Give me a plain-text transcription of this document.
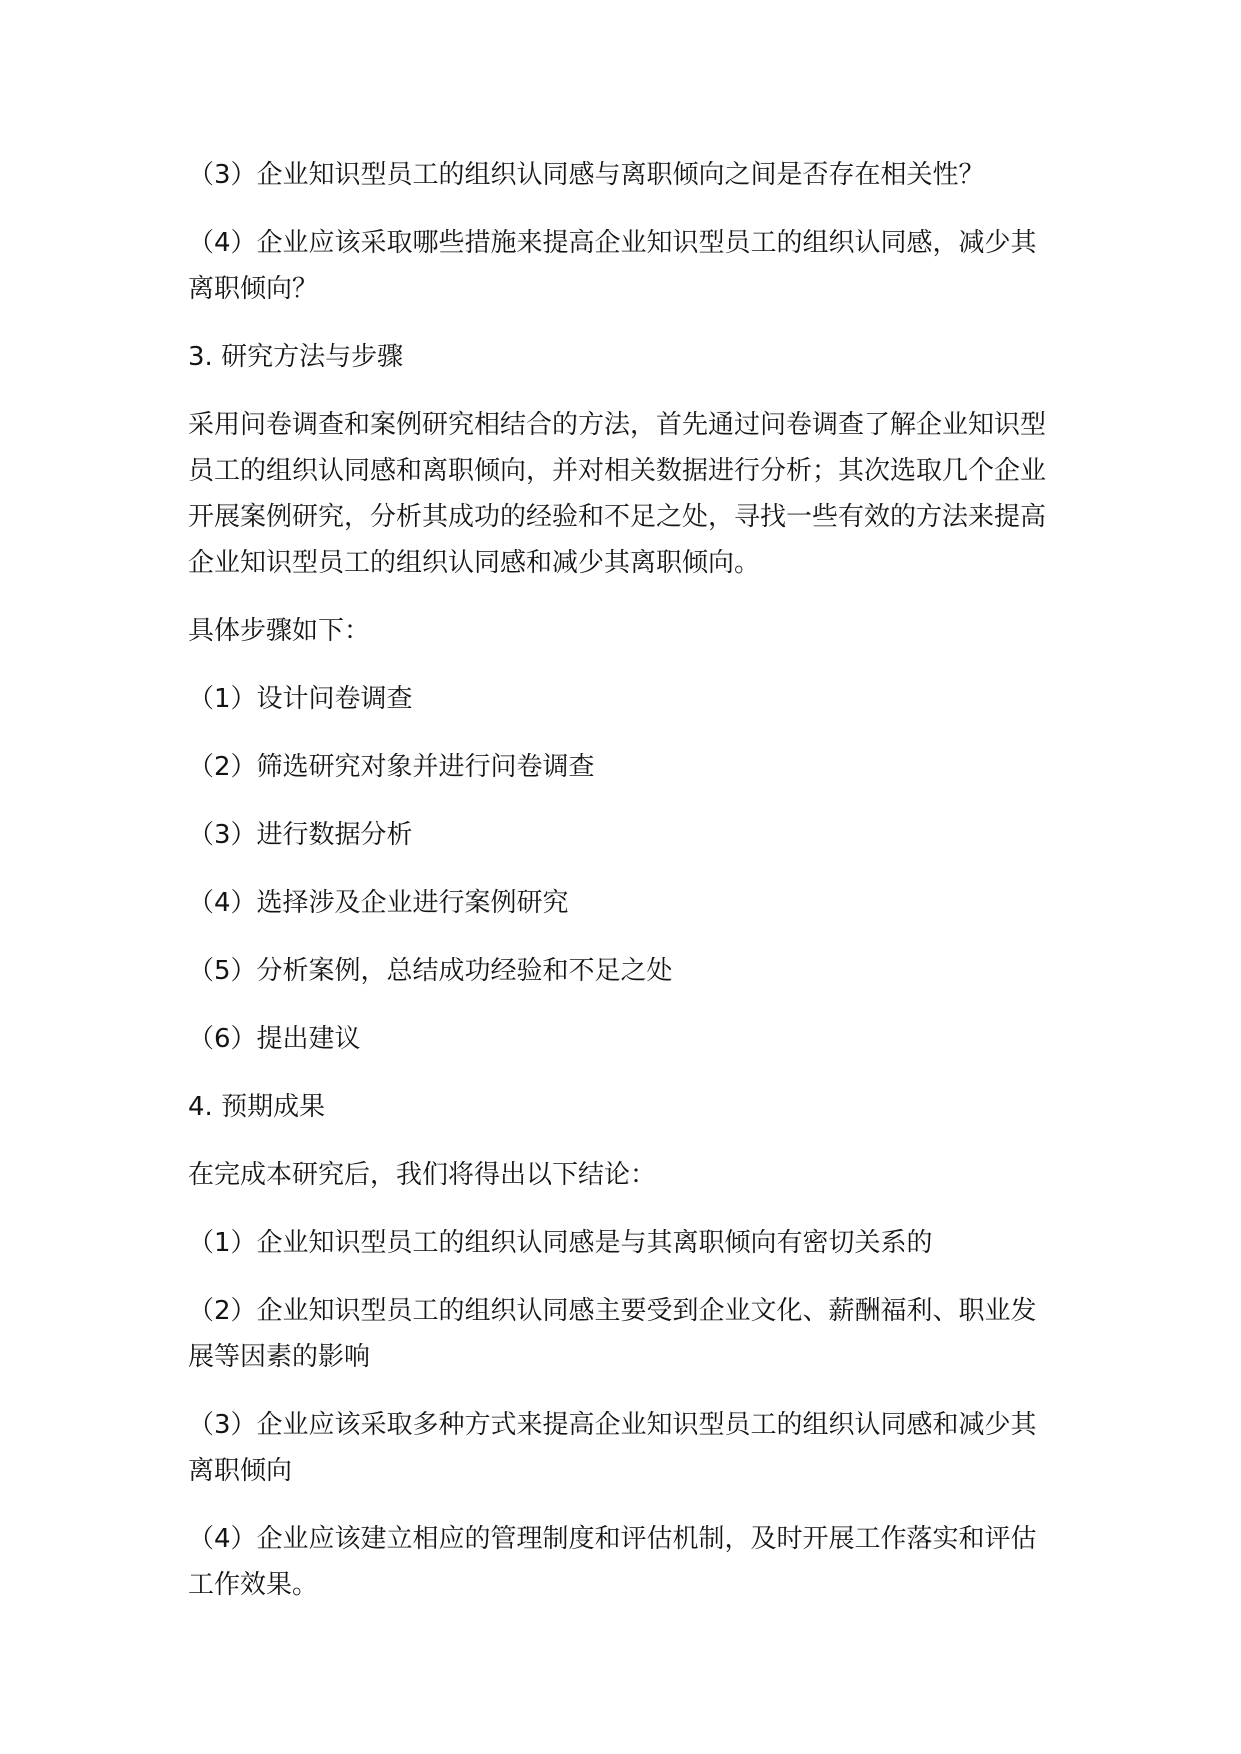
（3）企业知识型员工的组织认同感与离职倾向之间是否存在相关性？

（4）企业应该采取哪些措施来提高企业知识型员工的组织认同感，减少其离职倾向？

3. 研究方法与步骤

采用问卷调查和案例研究相结合的方法，首先通过问卷调查了解企业知识型员工的组织认同感和离职倾向，并对相关数据进行分析；其次选取几个企业开展案例研究，分析其成功的经验和不足之处，寻找一些有效的方法来提高企业知识型员工的组织认同感和减少其离职倾向。

具体步骤如下：

（1）设计问卷调查

（2）筛选研究对象并进行问卷调查

（3）进行数据分析

（4）选择涉及企业进行案例研究

（5）分析案例，总结成功经验和不足之处

（6）提出建议

4. 预期成果

在完成本研究后，我们将得出以下结论：

（1）企业知识型员工的组织认同感是与其离职倾向有密切关系的

（2）企业知识型员工的组织认同感主要受到企业文化、薪酬福利、职业发展等因素的影响

（3）企业应该采取多种方式来提高企业知识型员工的组织认同感和减少其离职倾向

（4）企业应该建立相应的管理制度和评估机制，及时开展工作落实和评估工作效果。
